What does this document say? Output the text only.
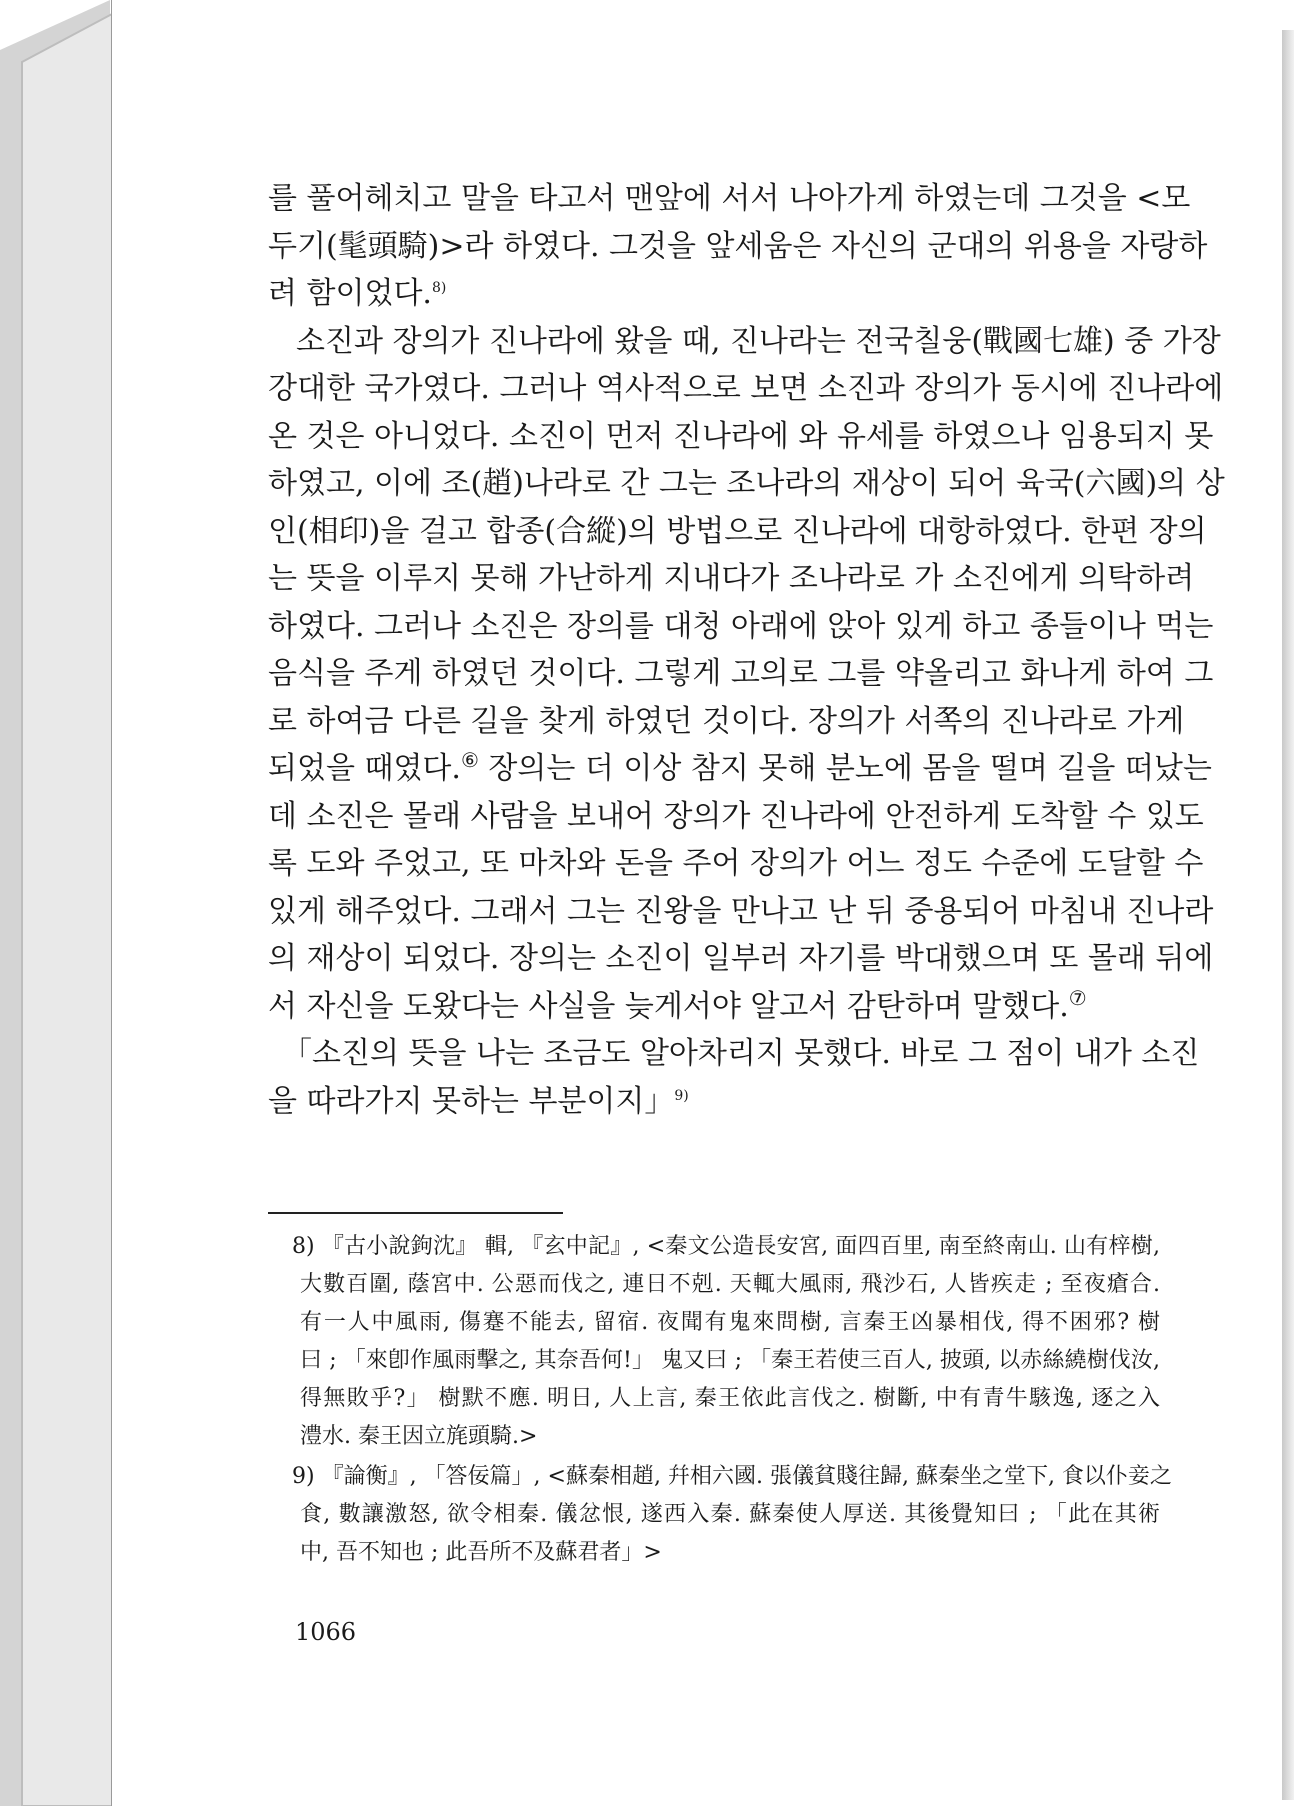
를 풀어헤치고 말을 타고서 맨앞에 서서 나아가게 하였는데 그것을 <모
두기(髦頭騎)>라 하였다. 그것을 앞세움은 자신의 군대의 위용을 자랑하
려 함이었다.$^{8)}$
소진과 장의가 진나라에 왔을 때, 진나라는 전국칠웅(戰國七雄) 중 가장
강대한 국가였다. 그러나 역사적으로 보면 소진과 장의가 동시에 진나라에
온 것은 아니었다. 소진이 먼저 진나라에 와 유세를 하였으나 임용되지 못
하였고, 이에 조(趙)나라로 간 그는 조나라의 재상이 되어 육국(六國)의 상
인(相印)을 걸고 합종(合縱)의 방법으로 진나라에 대항하였다. 한편 장의
는 뜻을 이루지 못해 가난하게 지내다가 조나라로 가 소진에게 의탁하려
하였다. 그러나 소진은 장의를 대청 아래에 앉아 있게 하고 종들이나 먹는
음식을 주게 하였던 것이다. 그렇게 고의로 그를 약올리고 화나게 하여 그
로 하여금 다른 길을 찾게 하였던 것이다. 장의가 서쪽의 진나라로 가게
되었을 때였다.⑥ 장의는 더 이상 참지 못해 분노에 몸을 떨며 길을 떠났는
데 소진은 몰래 사람을 보내어 장의가 진나라에 안전하게 도착할 수 있도
록 도와 주었고, 또 마차와 돈을 주어 장의가 어느 정도 수준에 도달할 수
있게 해주었다. 그래서 그는 진왕을 만나고 난 뒤 중용되어 마침내 진나라
의 재상이 되었다. 장의는 소진이 일부러 자기를 박대했으며 또 몰래 뒤에
서 자신을 도왔다는 사실을 늦게서야 알고서 감탄하며 말했다.⑦
「소진의 뜻을 나는 조금도 알아차리지 못했다. 바로 그 점이 내가 소진
을 따라가지 못하는 부분이지」$^{9)}$
8) 『古小說鉤沈』 輯, 『玄中記』, <秦文公造長安宮, 面四百里, 南至終南山. 山有梓樹,
大數百圍, 蔭宮中. 公惡而伐之, 連日不剋. 天輒大風雨, 飛沙石, 人皆疾走 ; 至夜瘡合.
有一人中風雨, 傷蹇不能去, 留宿. 夜聞有鬼來問樹, 言秦王凶暴相伐, 得不困邪? 樹
曰 ; 「來卽作風雨擊之, 其奈吾何!」 鬼又曰 ; 「秦王若使三百人, 披頭, 以赤絲繞樹伐汝,
得無敗乎?」 樹默不應. 明日, 人上言, 秦王依此言伐之. 樹斷, 中有青牛駭逸, 逐之入
澧水. 秦王因立旄頭騎.>
9) 『論衡』, 「答佞篇」, <蘇秦相趙, 幷相六國. 張儀貧賤往歸, 蘇秦坐之堂下, 食以仆妾之
食, 數讓激怒, 欲令相秦. 儀忿恨, 遂西入秦. 蘇秦使人厚送. 其後覺知曰 ; 「此在其術
中, 吾不知也 ; 此吾所不及蘇君者」>
1066
